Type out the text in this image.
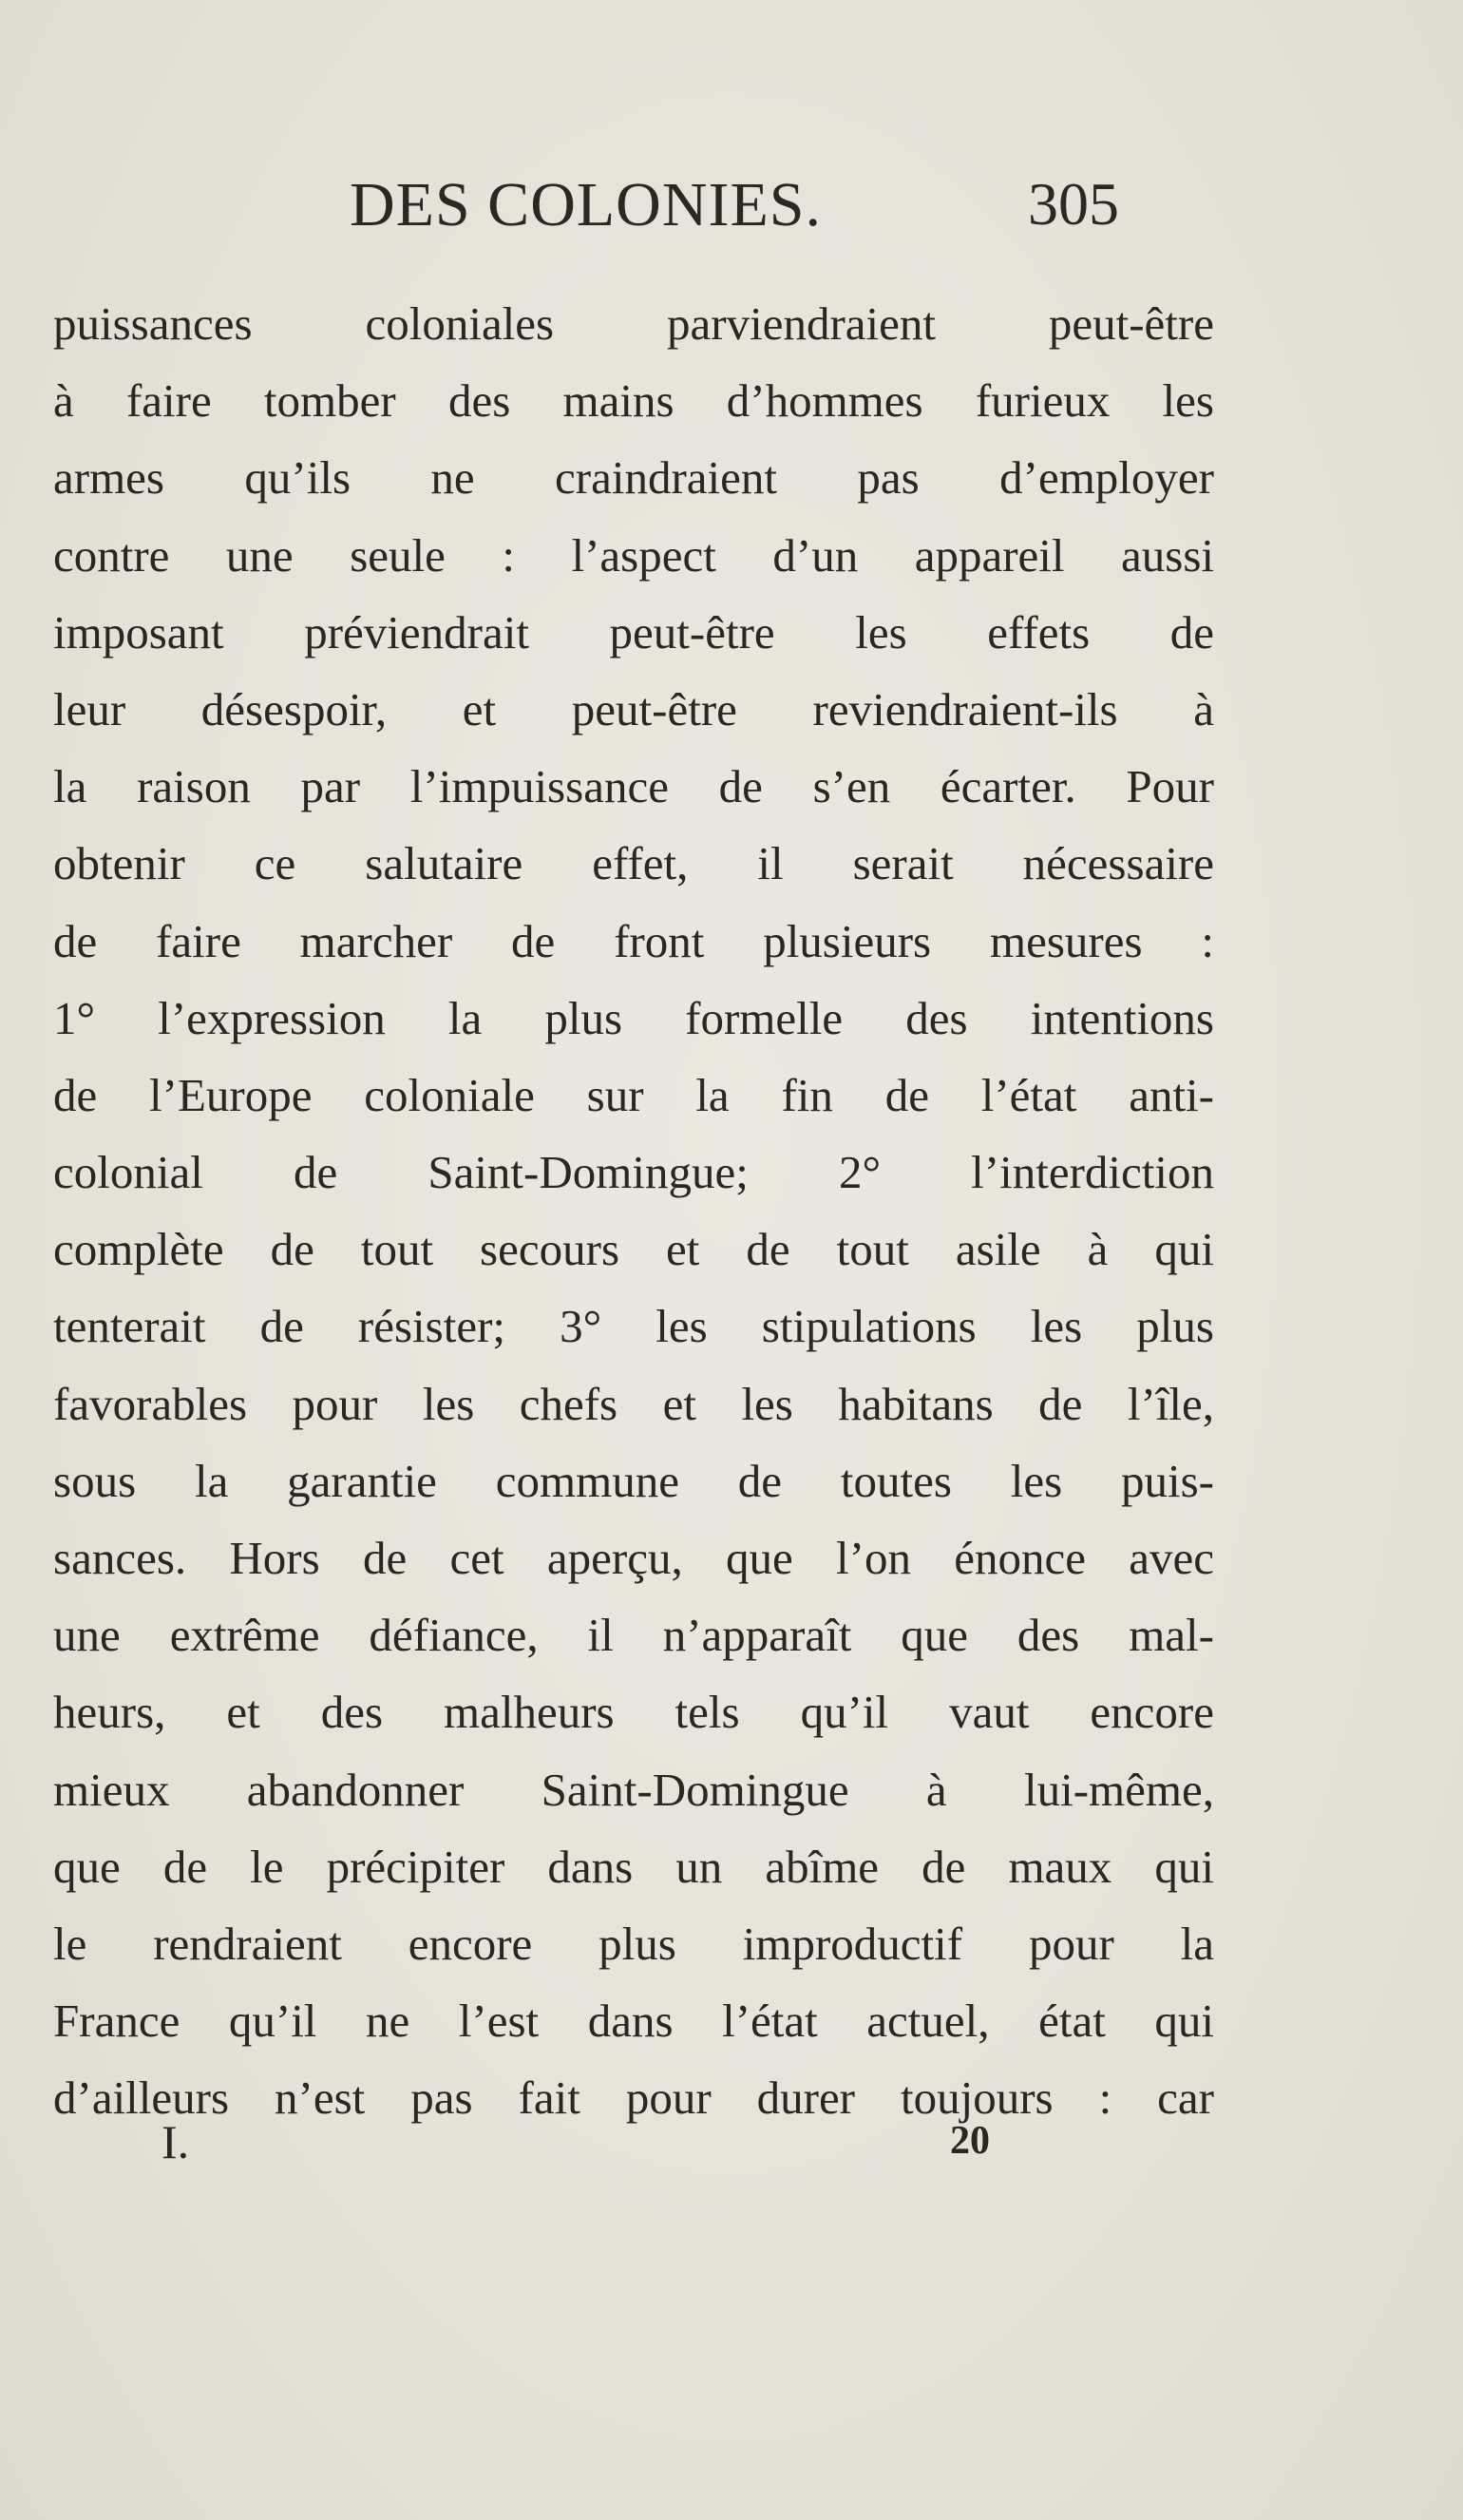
DES COLONIES.	305
puissances coloniales parviendraient peut-être
à faire tomber des mains d’hommes furieux les
armes qu’ils ne craindraient pas d’employer
contre une seule : l’aspect d’un appareil aussi
imposant préviendrait peut-être les effets de
leur désespoir, et peut-être reviendraient-ils à
la raison par l’impuissance de s’en écarter. Pour
obtenir ce salutaire effet, il serait nécessaire
de faire marcher de front plusieurs mesures :
1° l’expression la plus formelle des intentions
de l’Europe coloniale sur la fin de l’état anti-
colonial de Saint-Domingue; 2° l’interdiction
complète de tout secours et de tout asile à qui
tenterait de résister; 3° les stipulations les plus
favorables pour les chefs et les habitans de l’île,
sous la garantie commune de toutes les puis-
sances. Hors de cet aperçu, que l’on énonce avec
une extrême défiance, il n’apparaît que des mal-
heurs, et des malheurs tels qu’il vaut encore
mieux abandonner Saint-Domingue à lui-même,
que de le précipiter dans un abîme de maux qui
le rendraient encore plus improductif pour la
France qu’il ne l’est dans l’état actuel, état qui
d’ailleurs n’est pas fait pour durer toujours : car
I.	20
